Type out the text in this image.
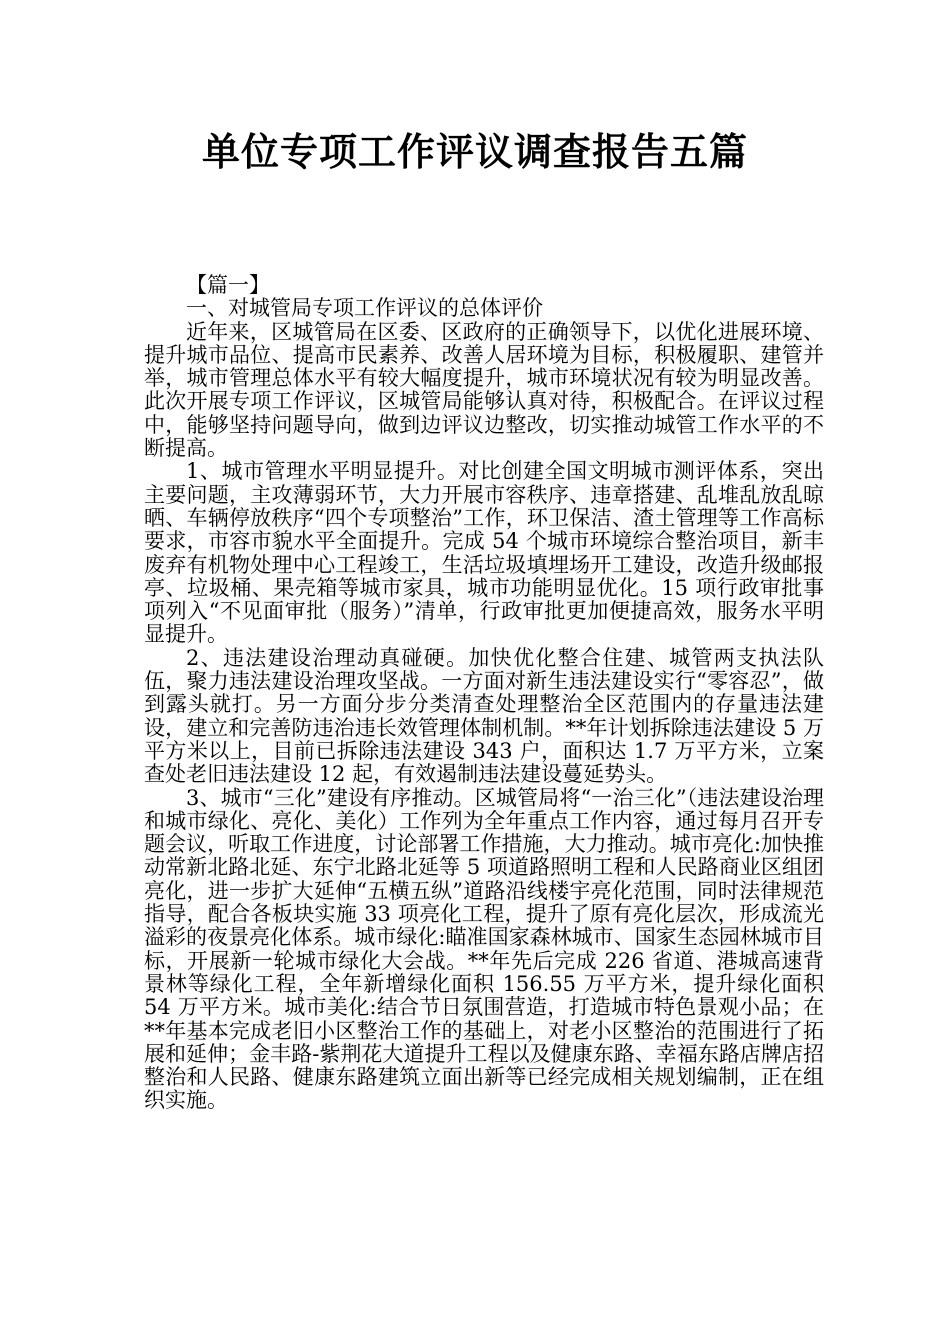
单位专项工作评议调查报告五篇

【篇一】

一、对城管局专项工作评议的总体评价

近年来，区城管局在区委、区政府的正确领导下，以优化进展环境、提升城市品位、提高市民素养、改善人居环境为目标，积极履职、建管并举，城市管理总体水平有较大幅度提升，城市环境状况有较为明显改善。此次开展专项工作评议，区城管局能够认真对待，积极配合。在评议过程中，能够坚持问题导向，做到边评议边整改，切实推动城管工作水平的不断提高。

1、城市管理水平明显提升。对比创建全国文明城市测评体系，突出主要问题，主攻薄弱环节，大力开展市容秩序、违章搭建、乱堆乱放乱晾晒、车辆停放秩序“四个专项整治”工作，环卫保洁、渣土管理等工作高标要求，市容市貌水平全面提升。完成 54 个城市环境综合整治项目，新丰废弃有机物处理中心工程竣工，生活垃圾填埋场开工建设，改造升级邮报亭、垃圾桶、果壳箱等城市家具，城市功能明显优化。15 项行政审批事项列入“不见面审批（服务）”清单，行政审批更加便捷高效，服务水平明显提升。

2、违法建设治理动真碰硬。加快优化整合住建、城管两支执法队伍，聚力违法建设治理攻坚战。一方面对新生违法建设实行“零容忍”，做到露头就打。另一方面分步分类清查处理整治全区范围内的存量违法建设，建立和完善防违治违长效管理体制机制。**年计划拆除违法建设 5 万平方米以上，目前已拆除违法建设 343 户，面积达 1.7 万平方米，立案查处老旧违法建设 12 起，有效遏制违法建设蔓延势头。

3、城市“三化”建设有序推动。区城管局将“一治三化”（违法建设治理和城市绿化、亮化、美化）工作列为全年重点工作内容，通过每月召开专题会议，听取工作进度，讨论部署工作措施，大力推动。城市亮化:加快推动常新北路北延、东宁北路北延等 5 项道路照明工程和人民路商业区组团亮化，进一步扩大延伸“五横五纵”道路沿线楼宇亮化范围，同时法律规范指导，配合各板块实施 33 项亮化工程，提升了原有亮化层次，形成流光溢彩的夜景亮化体系。城市绿化:瞄准国家森林城市、国家生态园林城市目标，开展新一轮城市绿化大会战。**年先后完成 226 省道、港城高速背景林等绿化工程，全年新增绿化面积 156.55 万平方米，提升绿化面积 54 万平方米。城市美化:结合节日氛围营造，打造城市特色景观小品；在**年基本完成老旧小区整治工作的基础上，对老小区整治的范围进行了拓展和延伸；金丰路-紫荆花大道提升工程以及健康东路、幸福东路店牌店招整治和人民路、健康东路建筑立面出新等已经完成相关规划编制，正在组织实施。
